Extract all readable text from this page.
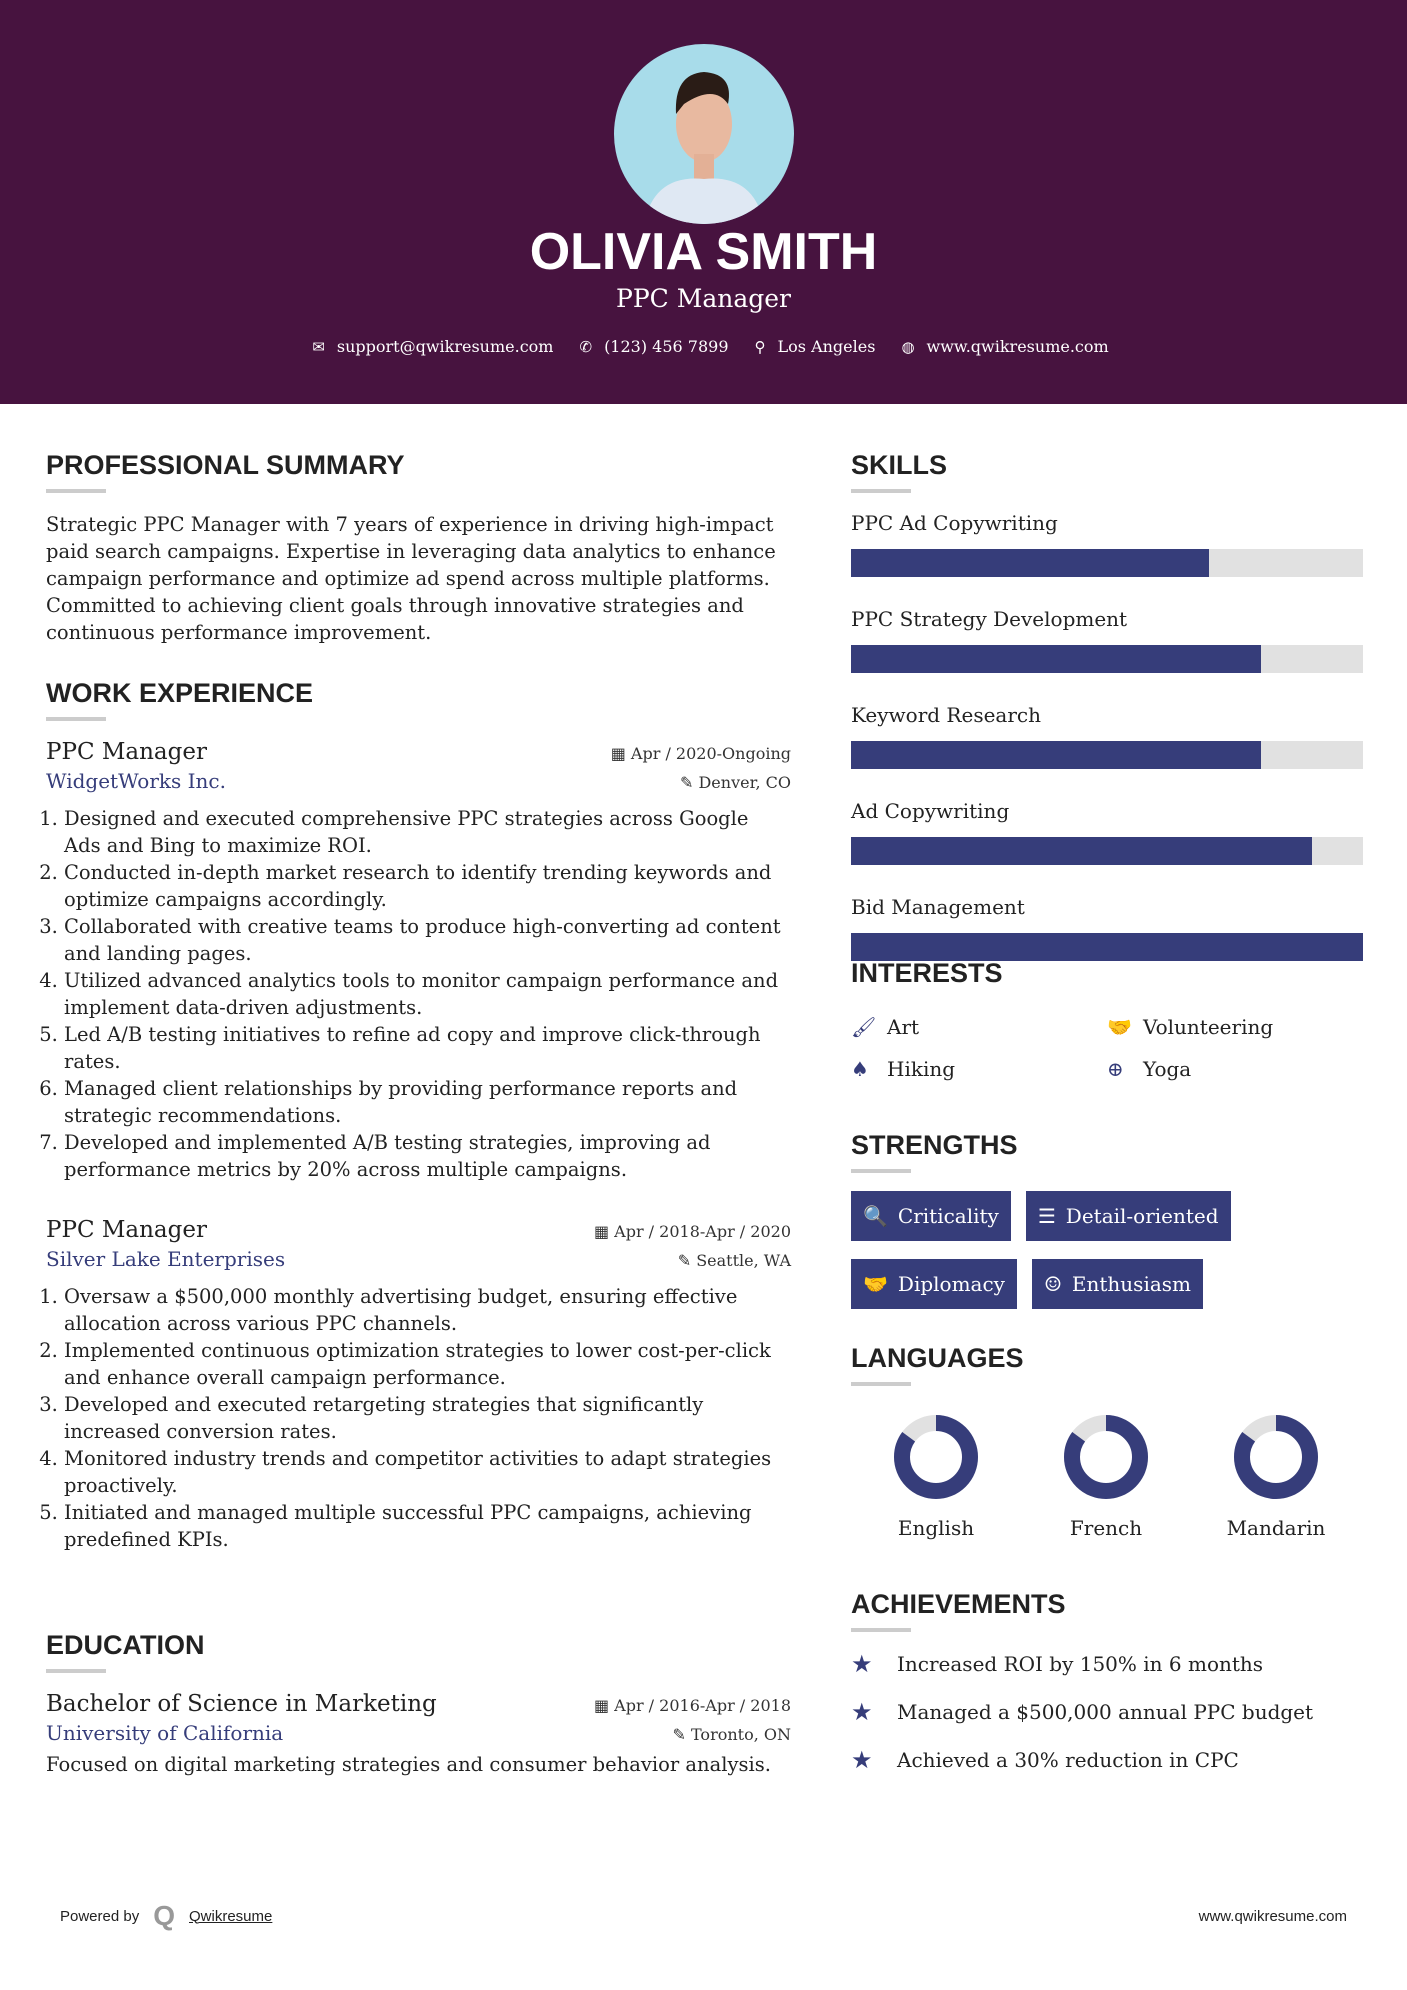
OLIVIA SMITH
PPC Manager
✉ support@qwikresume.com ✆ (123) 456 7899 ⚲ Los Angeles ◍ www.qwikresume.com
PROFESSIONAL SUMMARY

Strategic PPC Manager with 7 years of experience in driving high-impact paid search campaigns. Expertise in leveraging data analytics to enhance campaign performance and optimize ad spend across multiple platforms. Committed to achieving client goals through innovative strategies and continuous performance improvement.

WORK EXPERIENCE
PPC Manager	▦ Apr / 2020-Ongoing
WidgetWorks Inc.	✎ Denver, CO
1. Designed and executed comprehensive PPC strategies across Google Ads and Bing to maximize ROI.
2. Conducted in-depth market research to identify trending keywords and optimize campaigns accordingly.
3. Collaborated with creative teams to produce high-converting ad content and landing pages.
4. Utilized advanced analytics tools to monitor campaign performance and implement data-driven adjustments.
5. Led A/B testing initiatives to refine ad copy and improve click-through rates.
6. Managed client relationships by providing performance reports and strategic recommendations.
7. Developed and implemented A/B testing strategies, improving ad performance metrics by 20% across multiple campaigns.
PPC Manager	▦ Apr / 2018-Apr / 2020
Silver Lake Enterprises	✎ Seattle, WA
1. Oversaw a $500,000 monthly advertising budget, ensuring effective allocation across various PPC channels.
2. Implemented continuous optimization strategies to lower cost-per-click and enhance overall campaign performance.
3. Developed and executed retargeting strategies that significantly increased conversion rates.
4. Monitored industry trends and competitor activities to adapt strategies proactively.
5. Initiated and managed multiple successful PPC campaigns, achieving predefined KPIs.
EDUCATION
Bachelor of Science in Marketing	▦ Apr / 2016-Apr / 2018
University of California	✎ Toronto, ON

Focused on digital marketing strategies and consumer behavior analysis.

SKILLS
PPC Ad Copywriting
PPC Strategy Development
Keyword Research
Ad Copywriting
Bid Management
INTERESTS
🖌 Art	🤝 Volunteering
♠ Hiking	⊕ Yoga
STRENGTHS
🔍 Criticality ☰ Detail-oriented
🤝 Diplomacy ☺ Enthusiasm
LANGUAGES
English	French	Mandarin
ACHIEVEMENTS
★	Increased ROI by 150% in 6 months
★	Managed a $500,000 annual PPC budget
★	Achieved a 30% reduction in CPC
Powered by Q Qwikresume	www.qwikresume.com
